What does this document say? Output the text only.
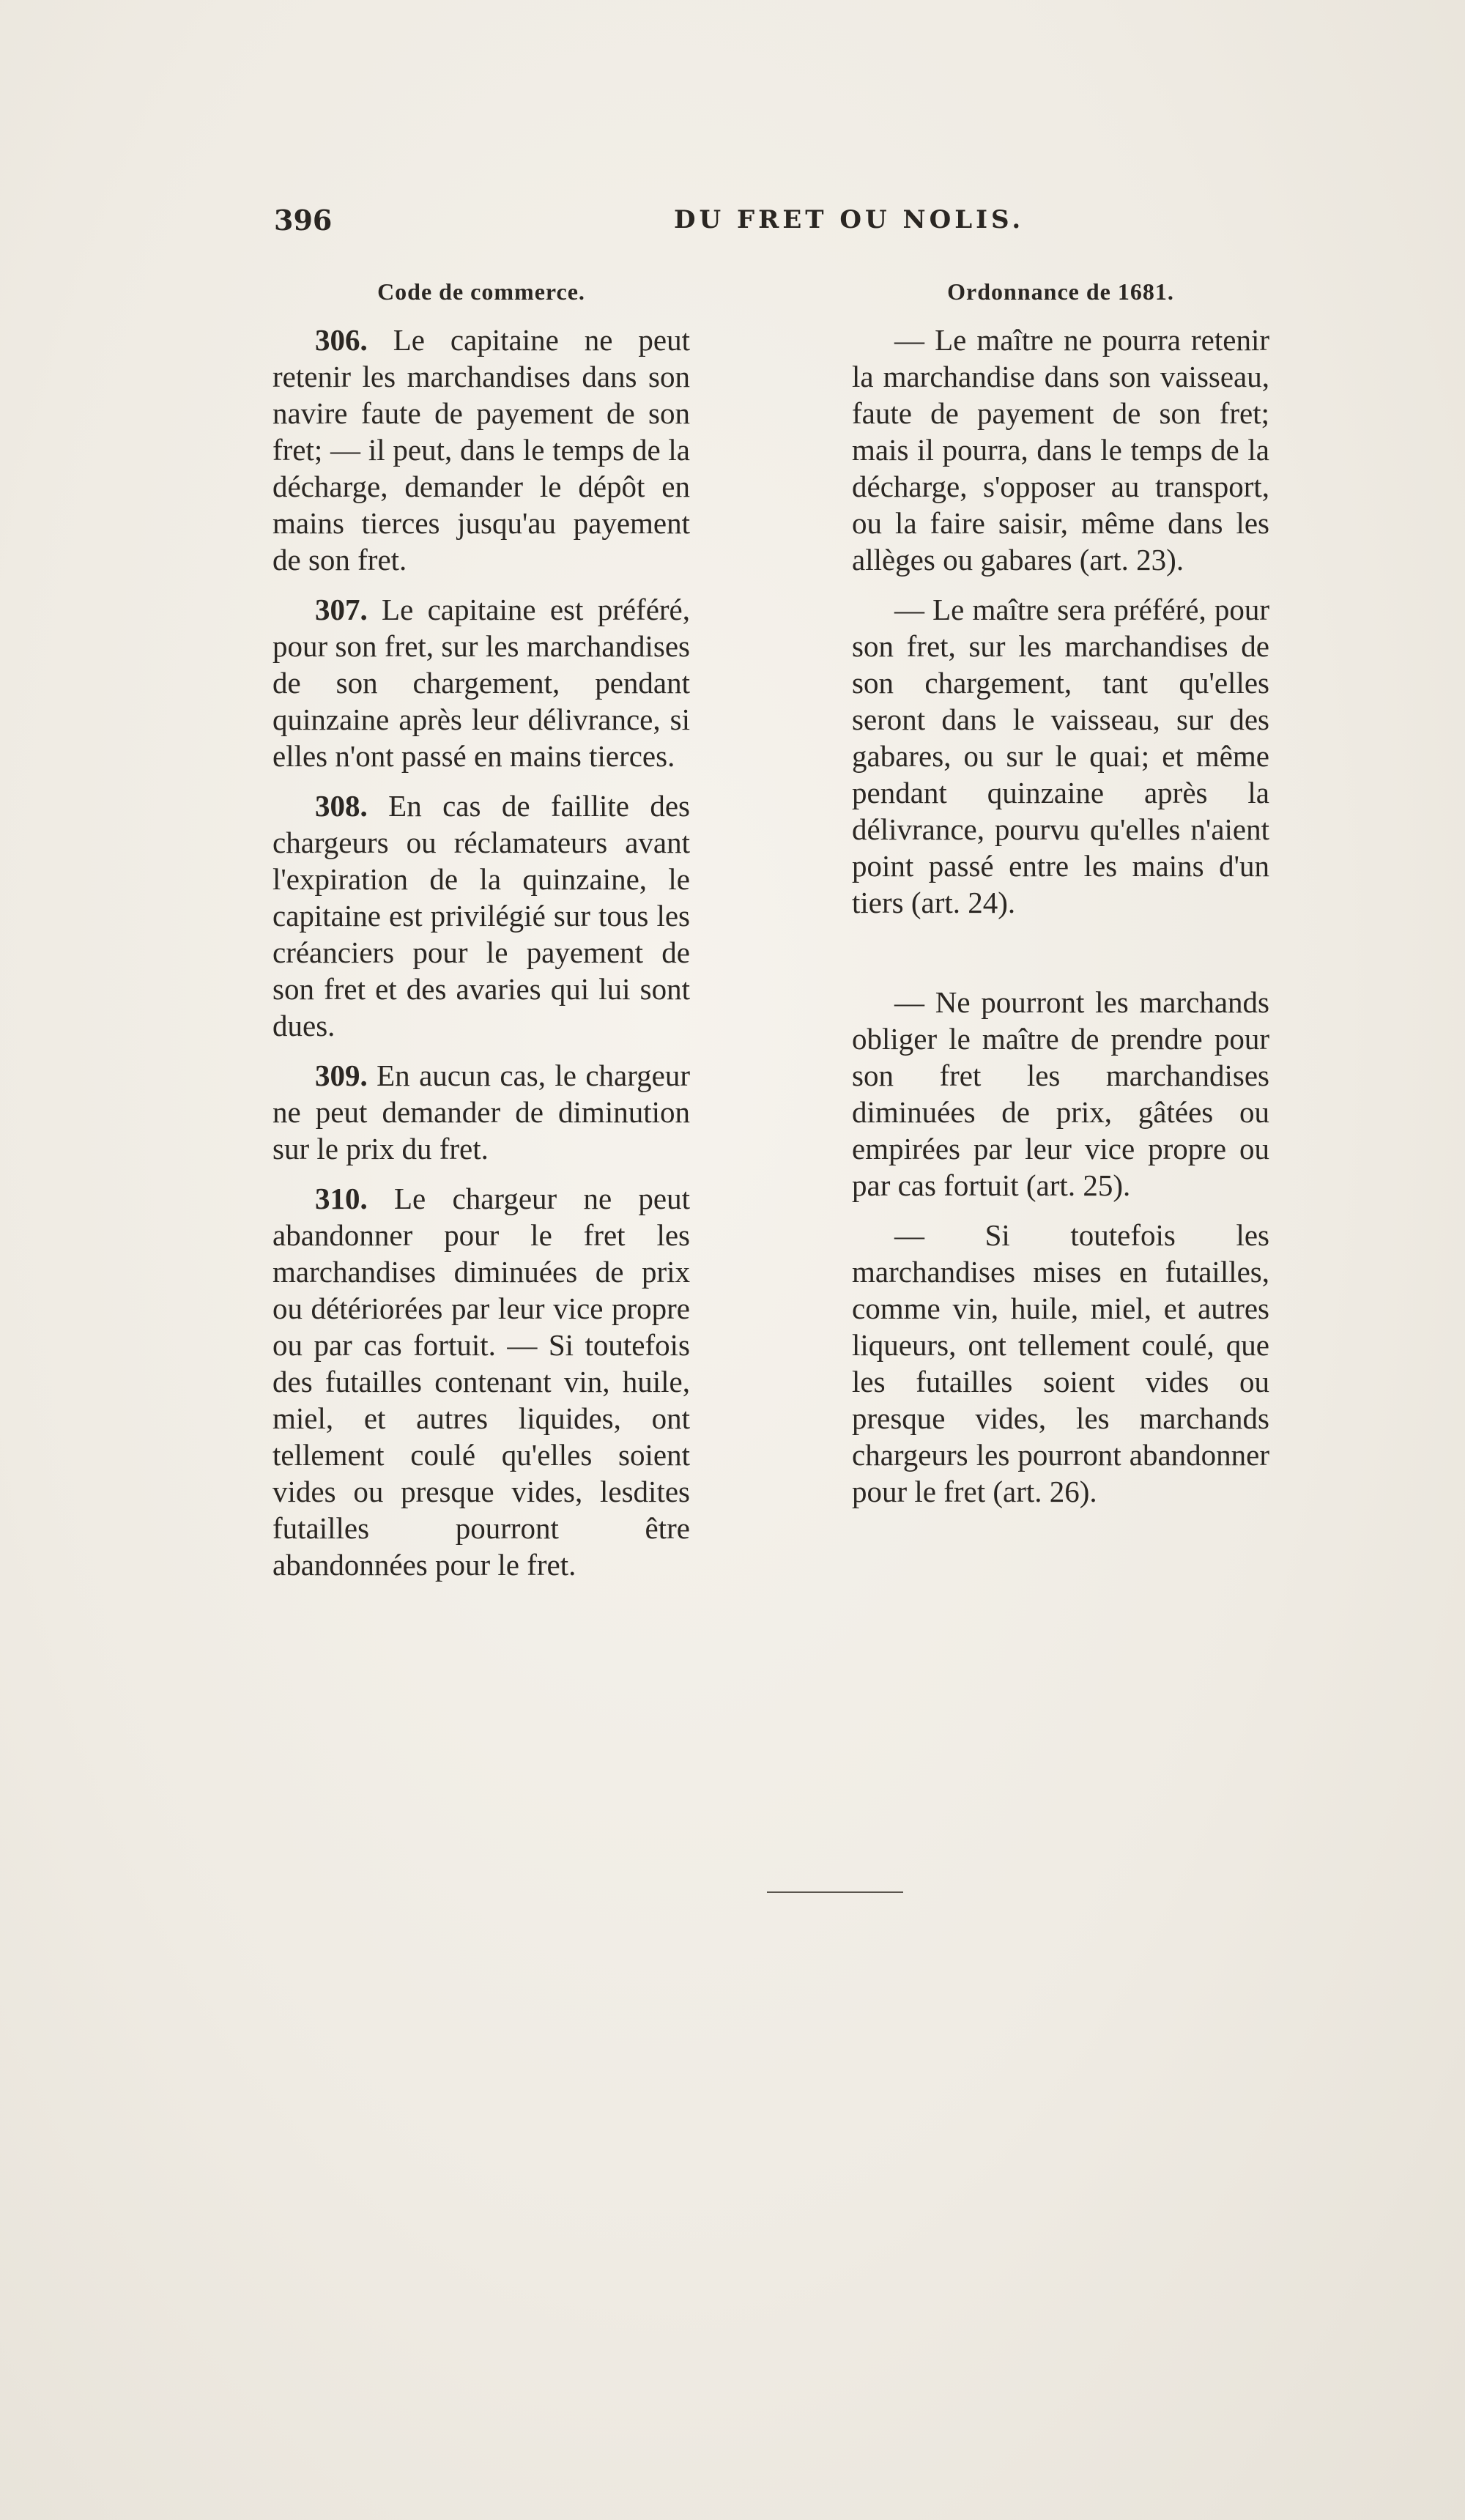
396	DU FRET OU NOLIS.
Code de commerce.

306. Le capitaine ne peut retenir les marchandises dans son navire faute de payement de son fret; — il peut, dans le temps de la décharge, demander le dépôt en mains tierces jusqu'au payement de son fret.

307. Le capitaine est préféré, pour son fret, sur les marchandises de son chargement, pendant quinzaine après leur délivrance, si elles n'ont passé en mains tierces.

308. En cas de faillite des chargeurs ou réclamateurs avant l'expiration de la quinzaine, le capitaine est privilégié sur tous les créanciers pour le payement de son fret et des avaries qui lui sont dues.

309. En aucun cas, le chargeur ne peut demander de diminution sur le prix du fret.

310. Le chargeur ne peut abandonner pour le fret les marchandises diminuées de prix ou détériorées par leur vice propre ou par cas fortuit. — Si toutefois des futailles contenant vin, huile, miel, et autres liquides, ont tellement coulé qu'elles soient vides ou presque vides, lesdites futailles pourront être abandonnées pour le fret.

Ordonnance de 1681.

— Le maître ne pourra retenir la marchandise dans son vaisseau, faute de payement de son fret; mais il pourra, dans le temps de la décharge, s'opposer au transport, ou la faire saisir, même dans les allèges ou gabares (art. 23).

— Le maître sera préféré, pour son fret, sur les marchandises de son chargement, tant qu'elles seront dans le vaisseau, sur des gabares, ou sur le quai; et même pendant quinzaine après la délivrance, pourvu qu'elles n'aient point passé entre les mains d'un tiers (art. 24).

— Ne pourront les marchands obliger le maître de prendre pour son fret les marchandises diminuées de prix, gâtées ou empirées par leur vice propre ou par cas fortuit (art. 25).

— Si toutefois les marchandises mises en futailles, comme vin, huile, miel, et autres liqueurs, ont tellement coulé, que les futailles soient vides ou presque vides, les marchands chargeurs les pourront abandonner pour le fret (art. 26).
